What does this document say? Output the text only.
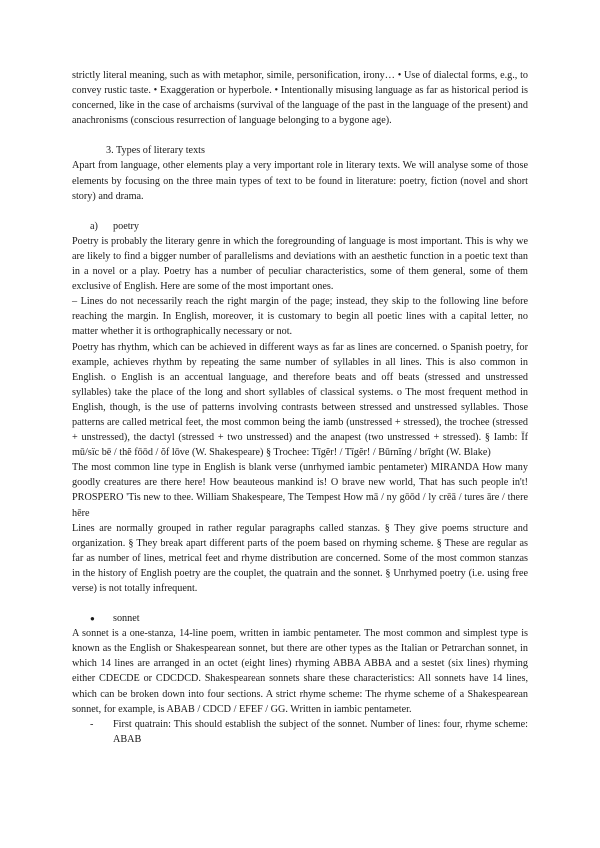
strictly literal meaning, such as with metaphor, simile, personification, irony… • Use of dialectal forms, e.g., to convey rustic taste. • Exaggeration or hyperbole. • Intentionally misusing language as far as historical period is concerned, like in the case of archaisms (survival of the language of the past in the language of the present) and anachronisms (conscious resurrection of language belonging to a bygone age).

3. Types of literary texts

Apart from language, other elements play a very important role in literary texts. We will analyse some of those elements by focusing on the three main types of text to be found in literature: poetry, fiction (novel and short story) and drama.

a) poetry

Poetry is probably the literary genre in which the foregrounding of language is most important. This is why we are likely to find a bigger number of parallelisms and deviations with an aesthetic function in a poetic text than in a novel or a play. Poetry has a number of peculiar characteristics, some of them general, some of them exclusive of English. Here are some of the most important ones.

– Lines do not necessarily reach the right margin of the page; instead, they skip to the following line before reaching the margin. In English, moreover, it is customary to begin all poetic lines with a capital letter, no matter whether it is orthographically necessary or not.

Poetry has rhythm, which can be achieved in different ways as far as lines are concerned. o Spanish poetry, for example, achieves rhythm by repeating the same number of syllables in all lines. This is also common in English. o English is an accentual language, and therefore beats and off beats (stressed and unstressed syllables) take the place of the long and short syllables of classical systems. o The most frequent method in English, though, is the use of patterns involving contrasts between stressed and unstressed syllables. Those patterns are called metrical feet, the most common being the iamb (unstressed + stressed), the trochee (stressed + unstressed), the dactyl (stressed + two unstressed) and the anapest (two unstressed + stressed). § Iamb: Ïf mū/sïc bē / thĕ fōōd / ŏf lōve (W. Shakespeare) § Trochee: Tīgĕr! / Tīgĕr! / Būrnĭng / brīght (W. Blake)

The most common line type in English is blank verse (unrhymed iambic pentameter) MIRANDA How many goodly creatures are there here! How beauteous mankind is! O brave new world, That has such people in't! PROSPERO 'Tis new to thee. William Shakespeare, The Tempest How mā / ny gōōd / ly crēā / tures āre / there hēre

Lines are normally grouped in rather regular paragraphs called stanzas. § They give poems structure and organization. § They break apart different parts of the poem based on rhyming scheme. § These are regular as far as number of lines, metrical feet and rhyme distribution are concerned. Some of the most common stanzas in the history of English poetry are the couplet, the quatrain and the sonnet. § Unrhymed poetry (i.e. using free verse) is not totally infrequent.

● sonnet

A sonnet is a one-stanza, 14-line poem, written in iambic pentameter. The most common and simplest type is known as the English or Shakespearean sonnet, but there are other types as the Italian or Petrarchan sonnet, in which 14 lines are arranged in an octet (eight lines) rhyming ABBA ABBA and a sestet (six lines) rhyming either CDECDE or CDCDCD. Shakespearean sonnets share these characteristics: All sonnets have 14 lines, which can be broken down into four sections. A strict rhyme scheme: The rhyme scheme of a Shakespearean sonnet, for example, is ABAB / CDCD / EFEF / GG. Written in iambic pentameter.

-	First quatrain: This should establish the subject of the sonnet. Number of lines: four, rhyme scheme: ABAB
